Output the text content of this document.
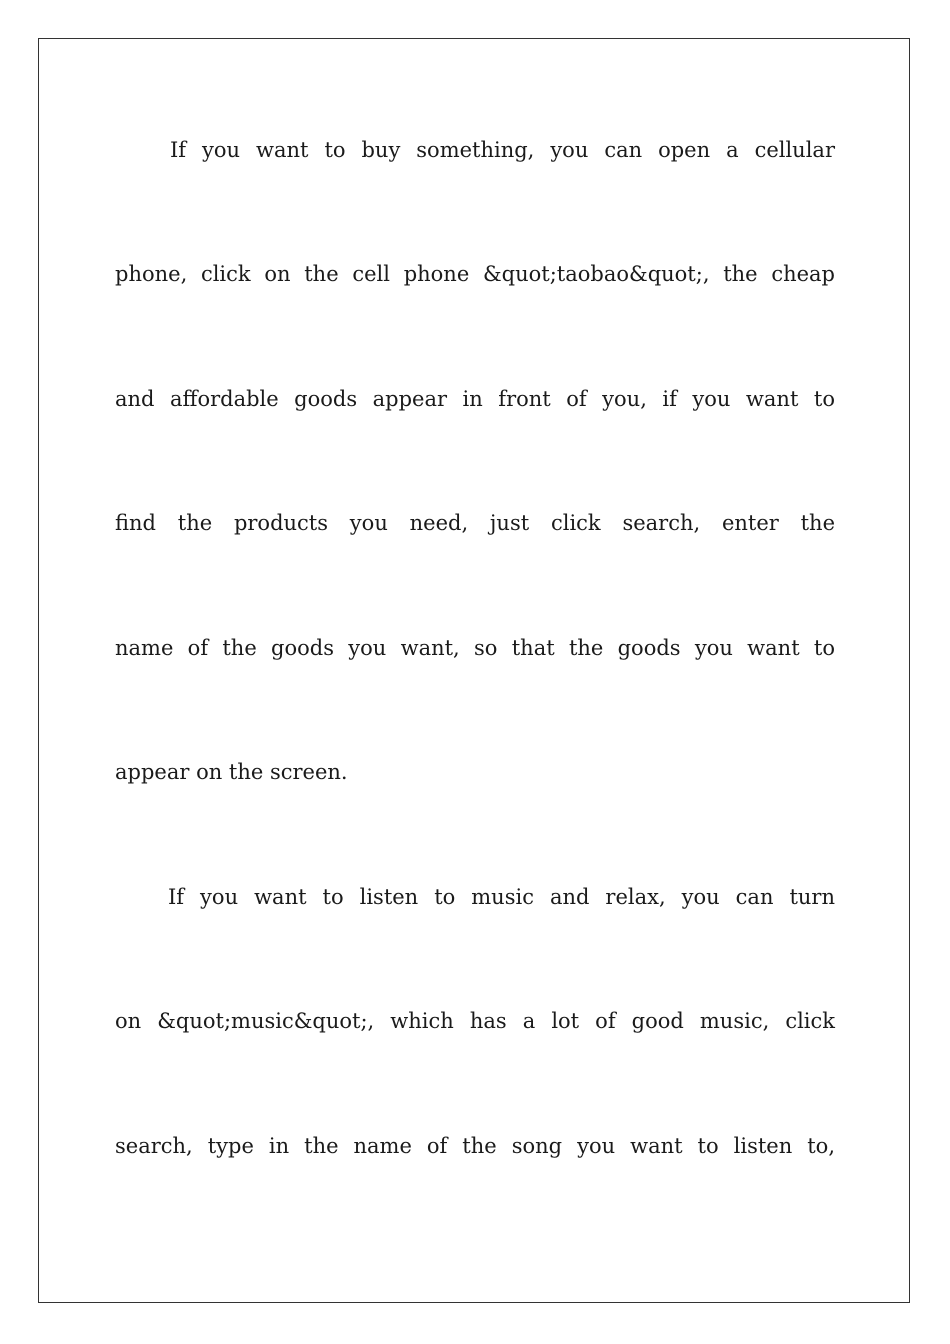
If you want to buy something, you can open a cellular
phone, click on the cell phone &quot;taobao&quot;, the cheap
and affordable goods appear in front of you, if you want to
find the products you need, just click search, enter the
name of the goods you want, so that the goods you want to
appear on the screen.
If you want to listen to music and relax, you can turn
on &quot;music&quot;, which has a lot of good music, click
search, type in the name of the song you want to listen to,
